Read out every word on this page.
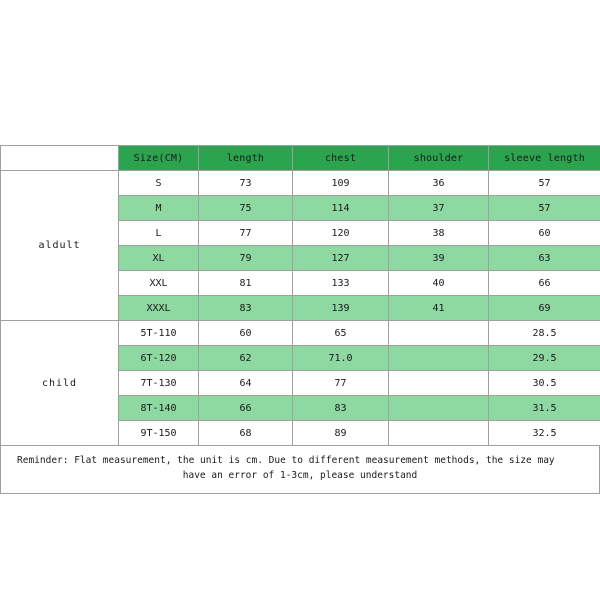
	Size(CM)	length	chest	shoulder	sleeve length
aldult	S	73	109	36	57
	M	75	114	37	57
	L	77	120	38	60
	XL	79	127	39	63
	XXL	81	133	40	66
	XXXL	83	139	41	69
child	5T-110	60	65		28.5
	6T-120	62	71.0		29.5
	7T-130	64	77		30.5
	8T-140	66	83		31.5
	9T-150	68	89		32.5
Reminder: Flat measurement, the unit is cm. Due to different measurement methods, the size may
have an error of 1-3cm, please understand
